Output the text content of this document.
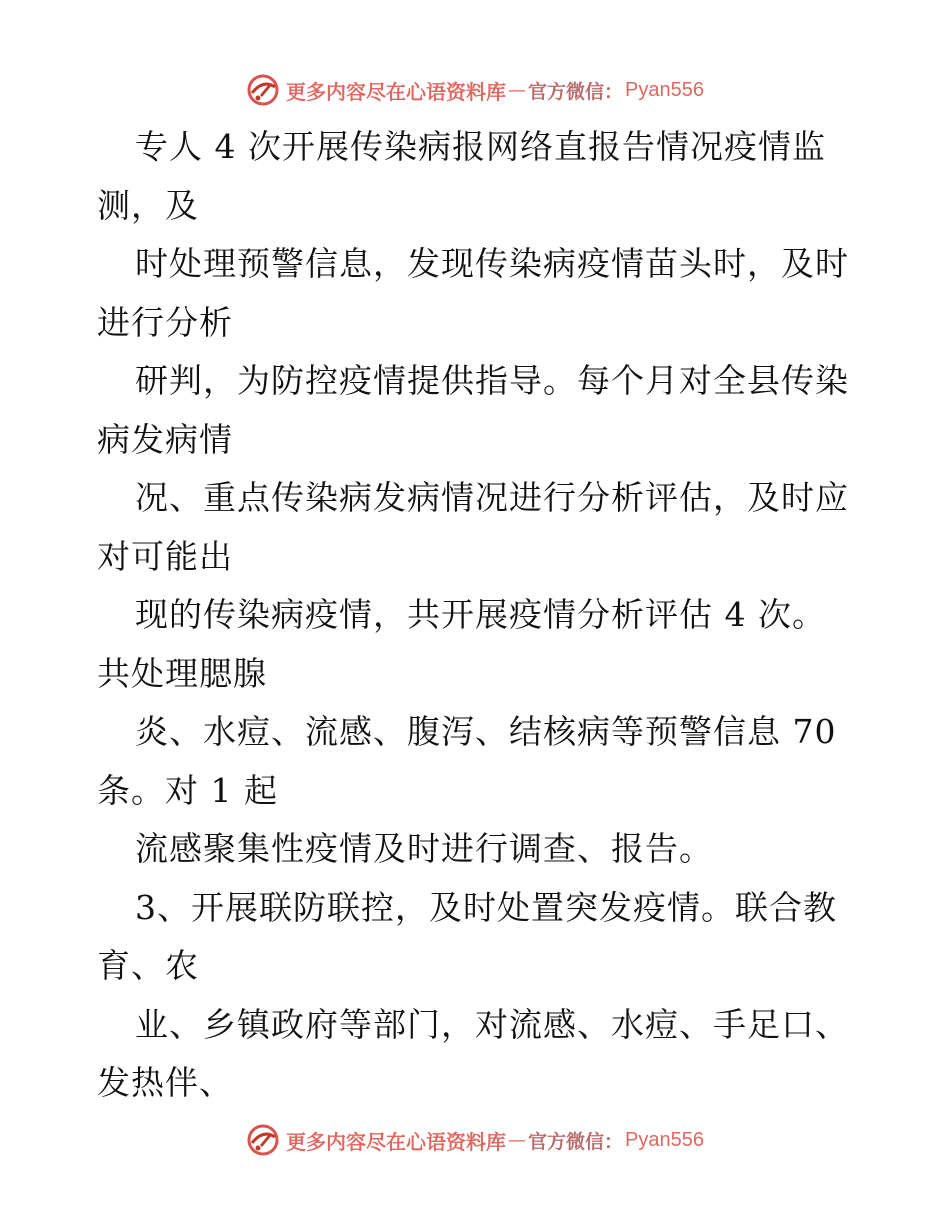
更多内容尽在心语资料库 — 官方微信： Pyan556
专人 4 次开展传染病报网络直报告情况疫情监
测，及
时处理预警信息，发现传染病疫情苗头时，及时
进行分析
研判，为防控疫情提供指导。每个月对全县传染
病发病情
况、重点传染病发病情况进行分析评估，及时应
对可能出
现的传染病疫情，共开展疫情分析评估 4 次。
共处理腮腺
炎、水痘、流感、腹泻、结核病等预警信息 70
条。对 1 起
流感聚集性疫情及时进行调查、报告。
3、开展联防联控，及时处置突发疫情。联合教
育、农
业、乡镇政府等部门，对流感、水痘、手足口、
发热伴、
更多内容尽在心语资料库 — 官方微信： Pyan556
